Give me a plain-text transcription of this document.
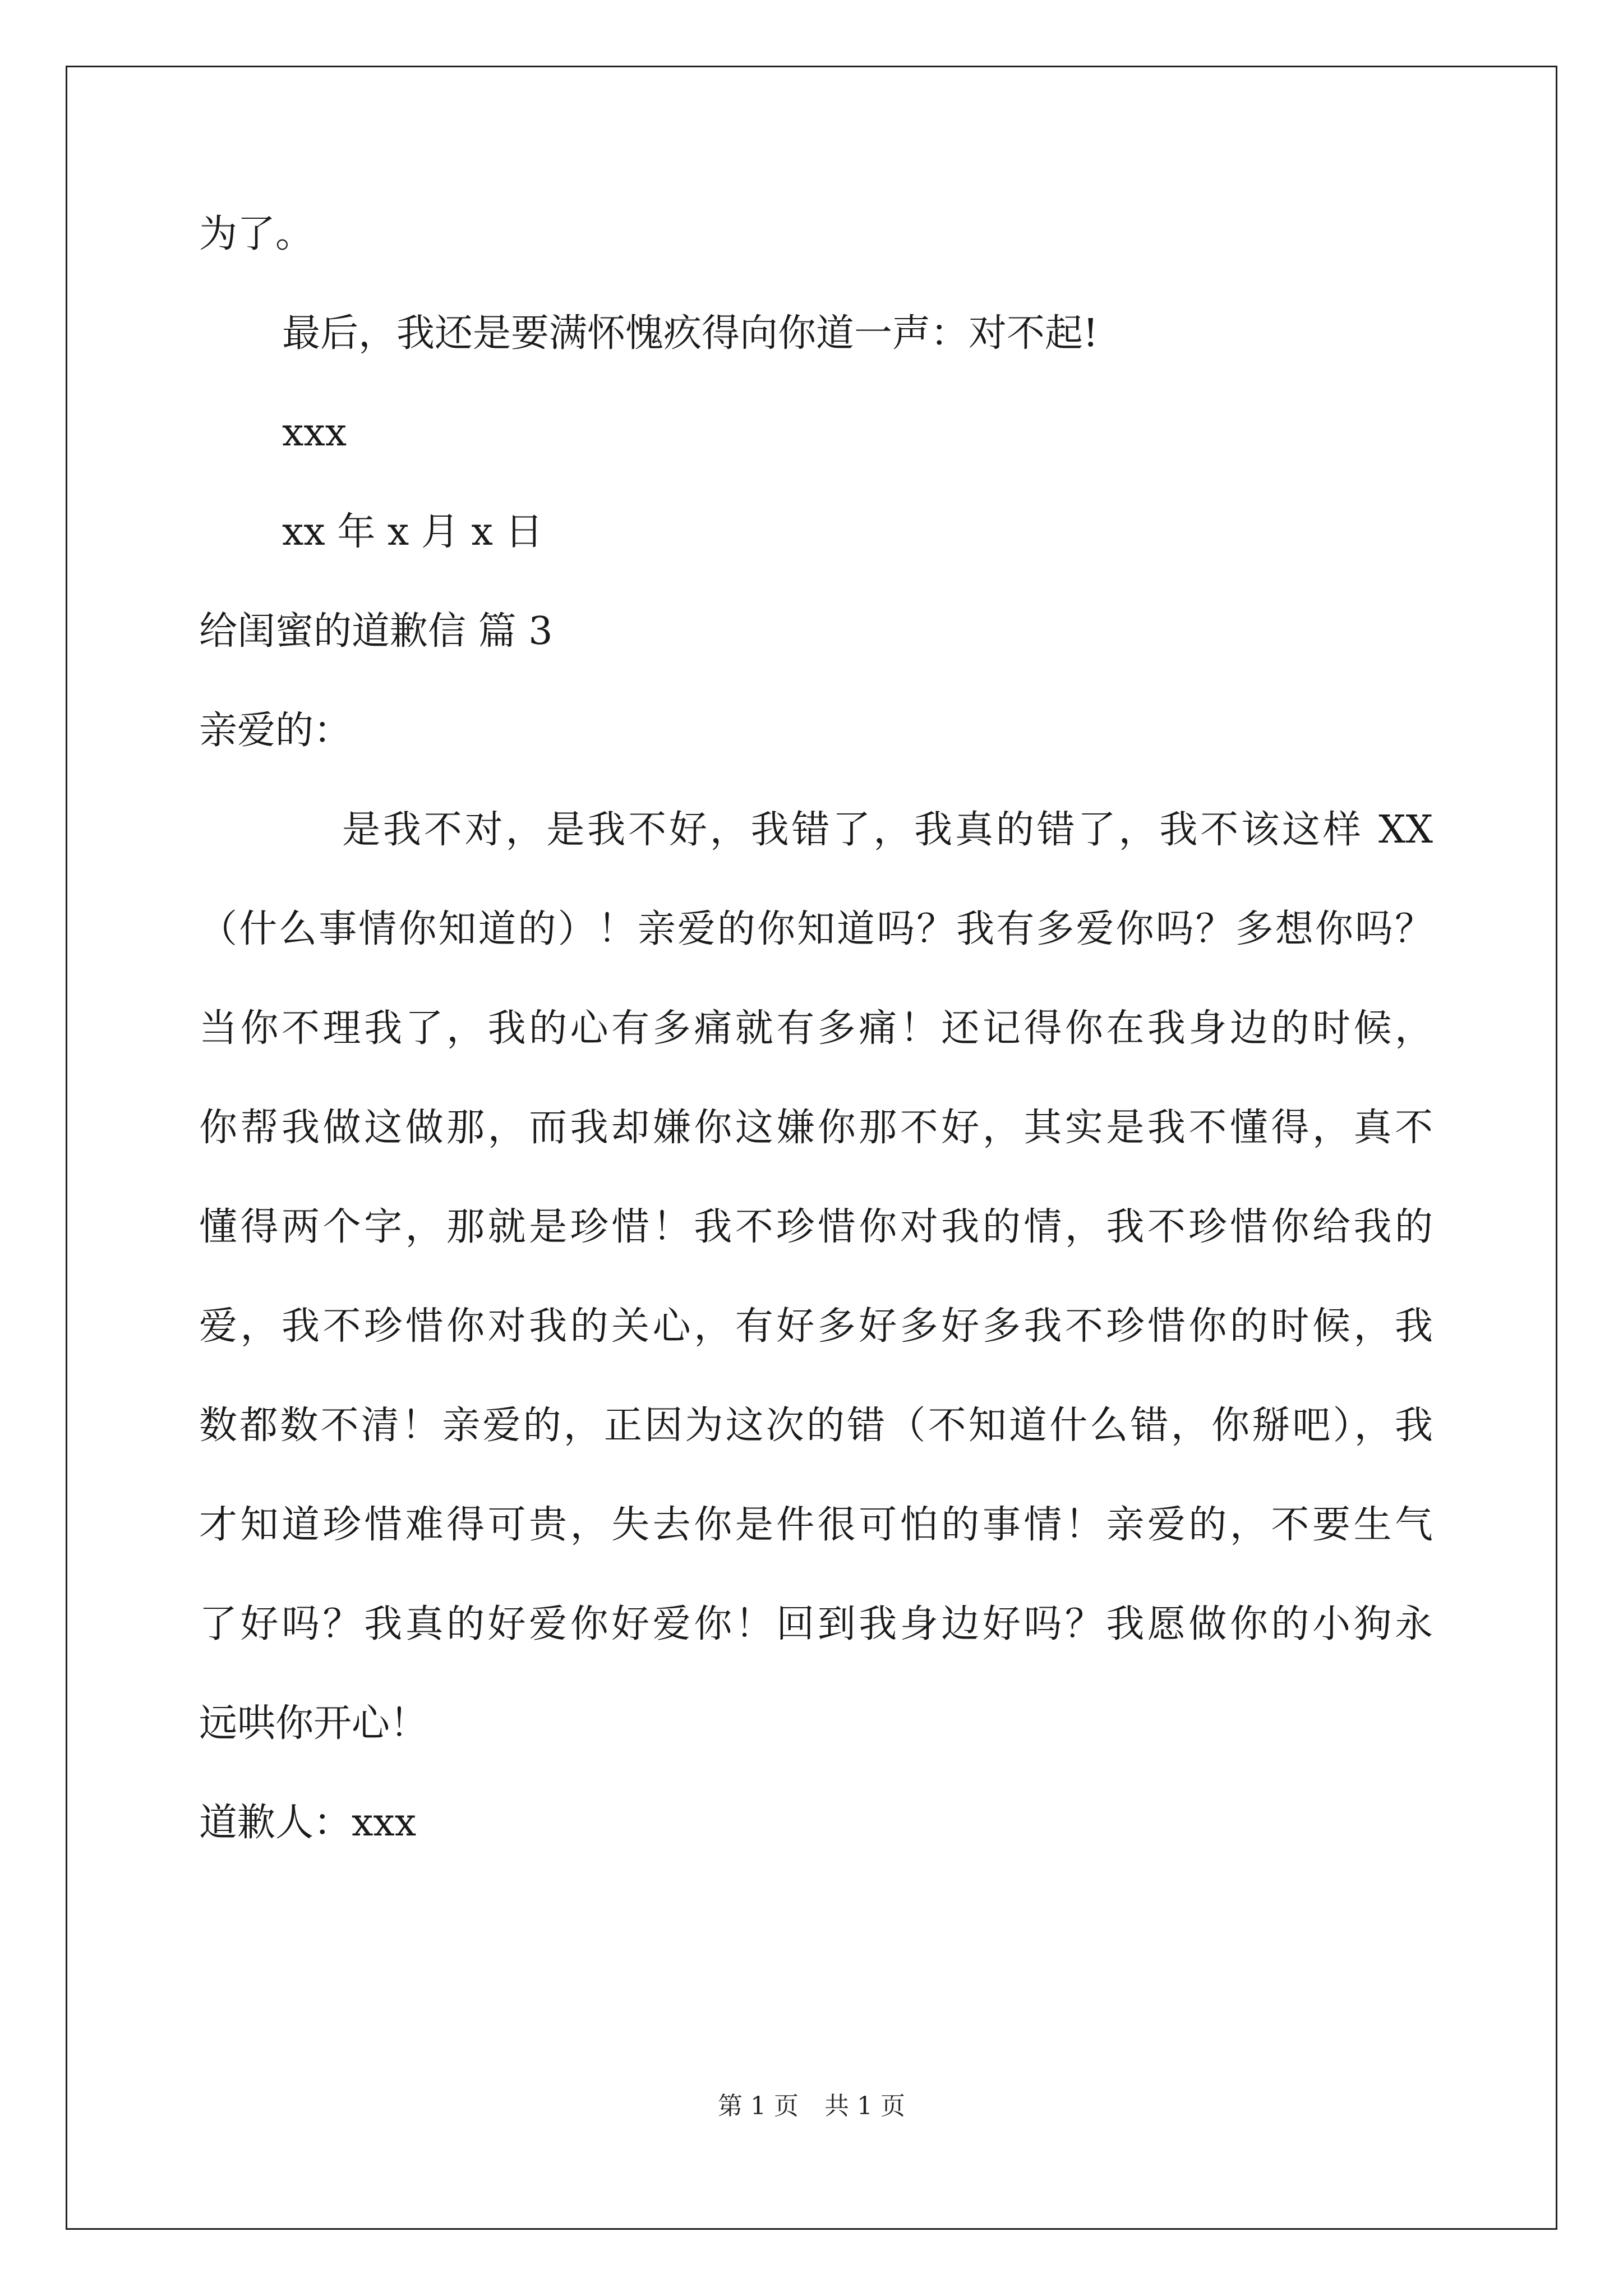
为了。
最后，我还是要满怀愧疚得向你道一声：对不起!
xxx
xx 年 x 月 x 日
给闺蜜的道歉信 篇 3
亲爱的：
是我不对，是我不好，我错了，我真的错了，我不该这样 XX
（什么事情你知道的）！亲爱的你知道吗？我有多爱你吗？多想你吗？
当你不理我了，我的心有多痛就有多痛！还记得你在我身边的时候，
你帮我做这做那，而我却嫌你这嫌你那不好，其实是我不懂得，真不
懂得两个字，那就是珍惜！我不珍惜你对我的情，我不珍惜你给我的
爱，我不珍惜你对我的关心，有好多好多好多我不珍惜你的时候，我
数都数不清！亲爱的，正因为这次的错（不知道什么错，你掰吧），我
才知道珍惜难得可贵，失去你是件很可怕的事情！亲爱的，不要生气
了好吗？我真的好爱你好爱你！回到我身边好吗？我愿做你的小狗永
远哄你开心！
道歉人：xxx
第 1 页 共 1 页
